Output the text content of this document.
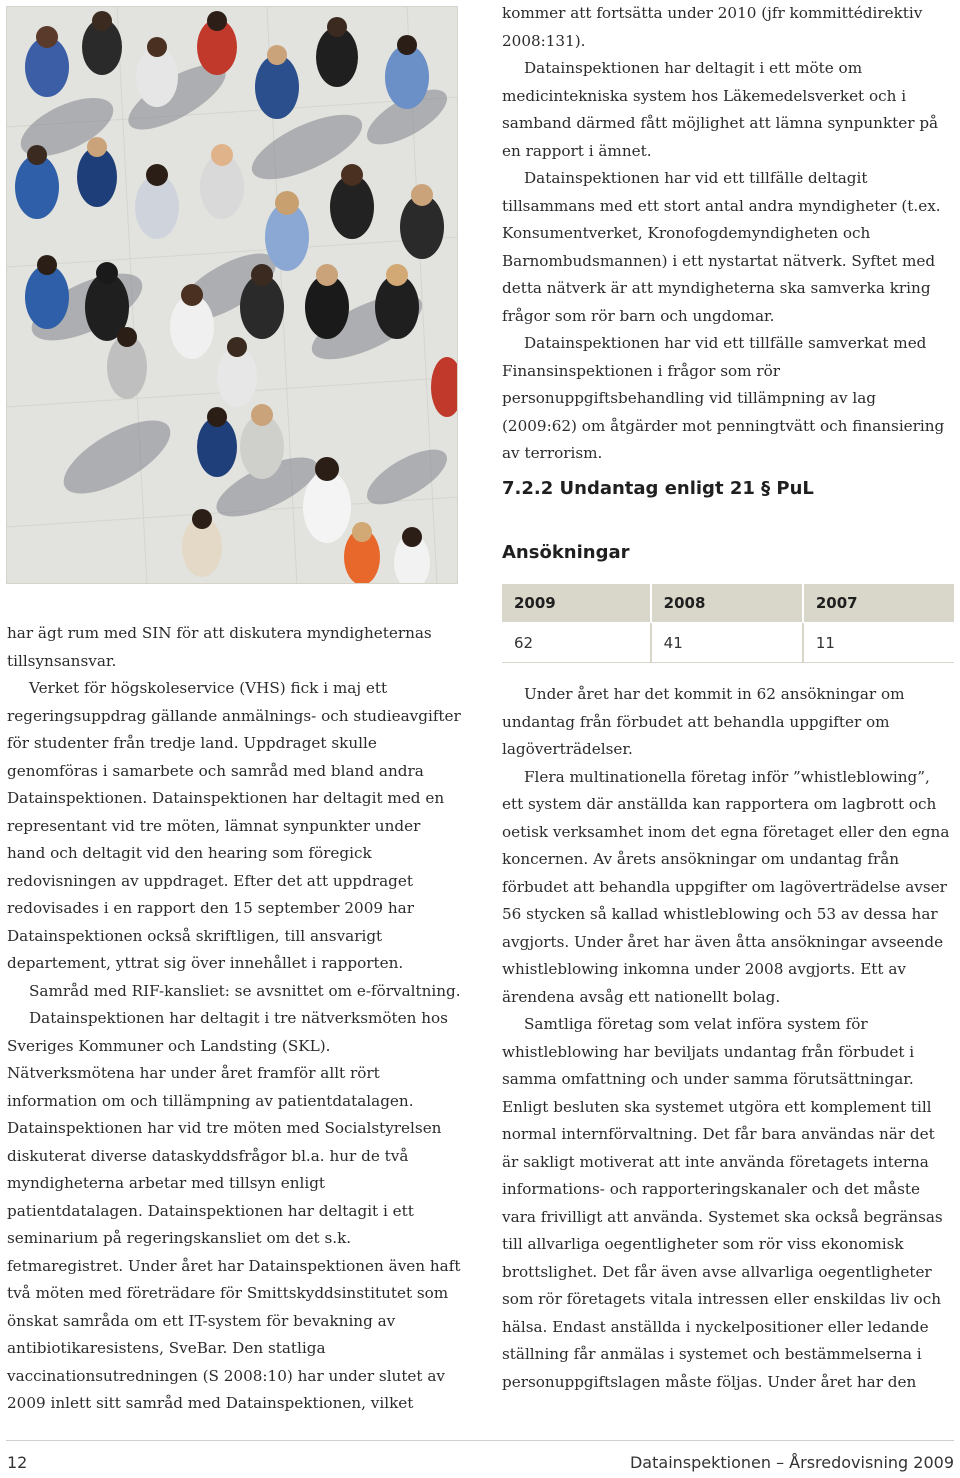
kommer att fortsätta under 2010 (jfr kommittédirektiv 2008:131).

Datainspektionen har deltagit i ett möte om medicintekniska system hos Läkemedelsverket och i samband därmed fått möjlighet att lämna synpunkter på en rapport i ämnet.

Datainspektionen har vid ett tillfälle deltagit tillsammans med ett stort antal andra myndigheter (t.ex. Konsumentverket, Kronofogdemyndigheten och Barnombudsmannen) i ett nystartat nätverk. Syftet med detta nätverk är att myndigheterna ska samverka kring frågor som rör barn och ungdomar.

Datainspektionen har vid ett tillfälle samverkat med Finansinspektionen i frågor som rör personuppgiftsbehandling vid tillämpning av lag (2009:62) om åtgärder mot penningtvätt och finansiering av terrorism.

7.2.2 Undantag enligt 21 § PuL
Ansökningar
2009	2008	2007
62	41	11

Under året har det kommit in 62 ansökningar om undantag från förbudet att behandla uppgifter om lagöverträdelser.

Flera multinationella företag inför ”whistleblowing”, ett system där anställda kan rapportera om lagbrott och oetisk verksamhet inom det egna företaget eller den egna koncernen. Av årets ansökningar om undantag från förbudet att behandla uppgifter om lagöverträdelse avser 56 stycken så kallad whistleblowing och 53 av dessa har avgjorts. Under året har även åtta ansökningar avseende whistleblowing inkomna under 2008 avgjorts. Ett av ärendena avsåg ett nationellt bolag.

Samtliga företag som velat införa system för whistleblowing har beviljats undantag från förbudet i samma omfattning och under samma förutsättningar. Enligt besluten ska systemet utgöra ett komplement till normal internförvaltning. Det får bara användas när det är sakligt motiverat att inte använda företagets interna informations- och rapporteringskanaler och det måste vara frivilligt att använda. Systemet ska också begränsas till allvarliga oegentligheter som rör viss ekonomisk brottslighet. Det får även avse allvarliga oegentligheter som rör företagets vitala intressen eller enskildas liv och hälsa. Endast anställda i nyckelpositioner eller ledande ställning får anmälas i systemet och bestämmelserna i personuppgiftslagen måste följas. Under året har den

har ägt rum med SIN för att diskutera myndigheternas tillsynsansvar.

Verket för högskoleservice (VHS) fick i maj ett regeringsuppdrag gällande anmälnings- och studieavgifter för studenter från tredje land. Uppdraget skulle genomföras i samarbete och samråd med bland andra Datainspektionen. Datainspektionen har deltagit med en representant vid tre möten, lämnat synpunkter under hand och deltagit vid den hearing som föregick redovisningen av uppdraget. Efter det att uppdraget redovisades i en rapport den 15 september 2009 har Datainspektionen också skriftligen, till ansvarigt departement, yttrat sig över innehållet i rapporten.

Samråd med RIF-kansliet: se avsnittet om e-förvaltning.

Datainspektionen har deltagit i tre nätverksmöten hos Sveriges Kommuner och Landsting (SKL). Nätverksmötena har under året framför allt rört information om och tillämpning av patientdatalagen. Datainspektionen har vid tre möten med Socialstyrelsen diskuterat diverse dataskyddsfrågor bl.a. hur de två myndigheterna arbetar med tillsyn enligt patientdatalagen. Datainspektionen har deltagit i ett seminarium på regeringskansliet om det s.k. fetmaregistret. Under året har Datainspektionen även haft två möten med företrädare för Smittskyddsinstitutet som önskat samråda om ett IT-system för bevakning av antibiotikaresistens, SveBar. Den statliga vaccinationsutredningen (S 2008:10) har under slutet av 2009 inlett sitt samråd med Datainspektionen, vilket

12	Datainspektionen – Årsredovisning 2009
